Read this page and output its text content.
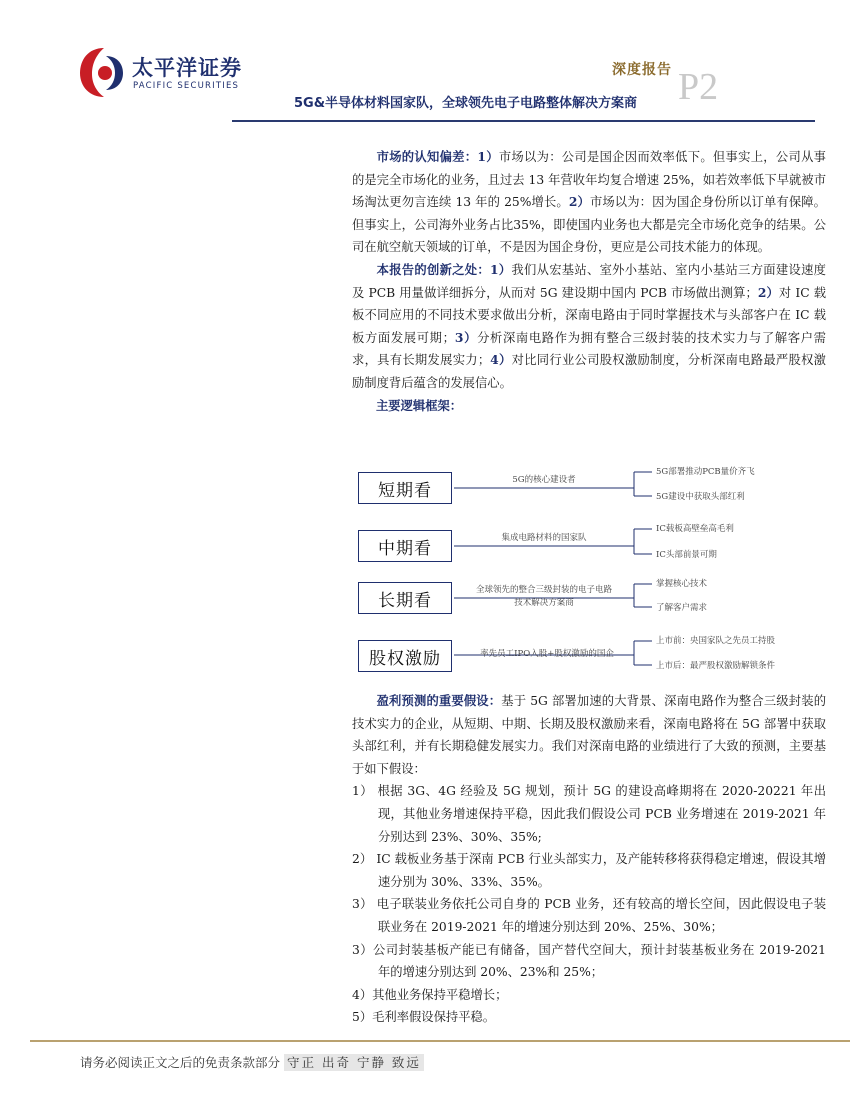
太平洋证券
PACIFIC SECURITIES
深度报告 P2
5G&半导体材料国家队，全球领先电子电路整体解决方案商

市场的认知偏差：1）市场以为：公司是国企因而效率低下。但事实上，公司从事的是完全市场化的业务，且过去 13 年营收年均复合增速 25%，如若效率低下早就被市场淘汰更勿言连续 13 年的 25%增长。2）市场以为：因为国企身份所以订单有保障。但事实上，公司海外业务占比35%，即使国内业务也大都是完全市场化竞争的结果。公司在航空航天领域的订单，不是因为国企身份，更应是公司技术能力的体现。

本报告的创新之处：1）我们从宏基站、室外小基站、室内小基站三方面建设速度及 PCB 用量做详细拆分，从而对 5G 建设期中国内 PCB 市场做出测算；2）对 IC 载板不同应用的不同技术要求做出分析，深南电路由于同时掌握技术与头部客户在 IC 载板方面发展可期；3）分析深南电路作为拥有整合三级封装的技术实力与了解客户需求，具有长期发展实力；4）对比同行业公司股权激励制度，分析深南电路最严股权激励制度背后蕴含的发展信心。

主要逻辑框架：

短期看
5G的核心建设者
5G部署推动PCB量价齐飞
5G建设中获取头部红利
中期看
集成电路材料的国家队
IC载板高壁垒高毛利
IC头部前景可期
长期看
全球领先的整合三级封装的电子电路技术解决方案商
掌握核心技术
了解客户需求
股权激励	率先员工IPO入股+股权激励的国企
上市前：央国家队之先员工持股
上市后：最严股权激励解锁条件

盈利预测的重要假设：基于 5G 部署加速的大背景、深南电路作为整合三级封装的技术实力的企业，从短期、中期、长期及股权激励来看，深南电路将在 5G 部署中获取头部红利，并有长期稳健发展实力。我们对深南电路的业绩进行了大致的预测，主要基于如下假设：

1） 根据 3G、4G 经验及 5G 规划，预计 5G 的建设高峰期将在 2020-20221 年出现，其他业务增速保持平稳，因此我们假设公司 PCB 业务增速在 2019-2021 年分别达到 23%、30%、35%;

2） IC 载板业务基于深南 PCB 行业头部实力，及产能转移将获得稳定增速，假设其增速分别为 30%、33%、35%。

3） 电子联装业务依托公司自身的 PCB 业务，还有较高的增长空间，因此假设电子装联业务在 2019-2021 年的增速分别达到 20%、25%、30%；

3）公司封装基板产能已有储备，国产替代空间大，预计封装基板业务在 2019-2021 年的增速分别达到 20%、23%和 25%；

4）其他业务保持平稳增长；

5）毛利率假设保持平稳。

请务必阅读正文之后的免责条款部分 守正 出奇 宁静 致远
